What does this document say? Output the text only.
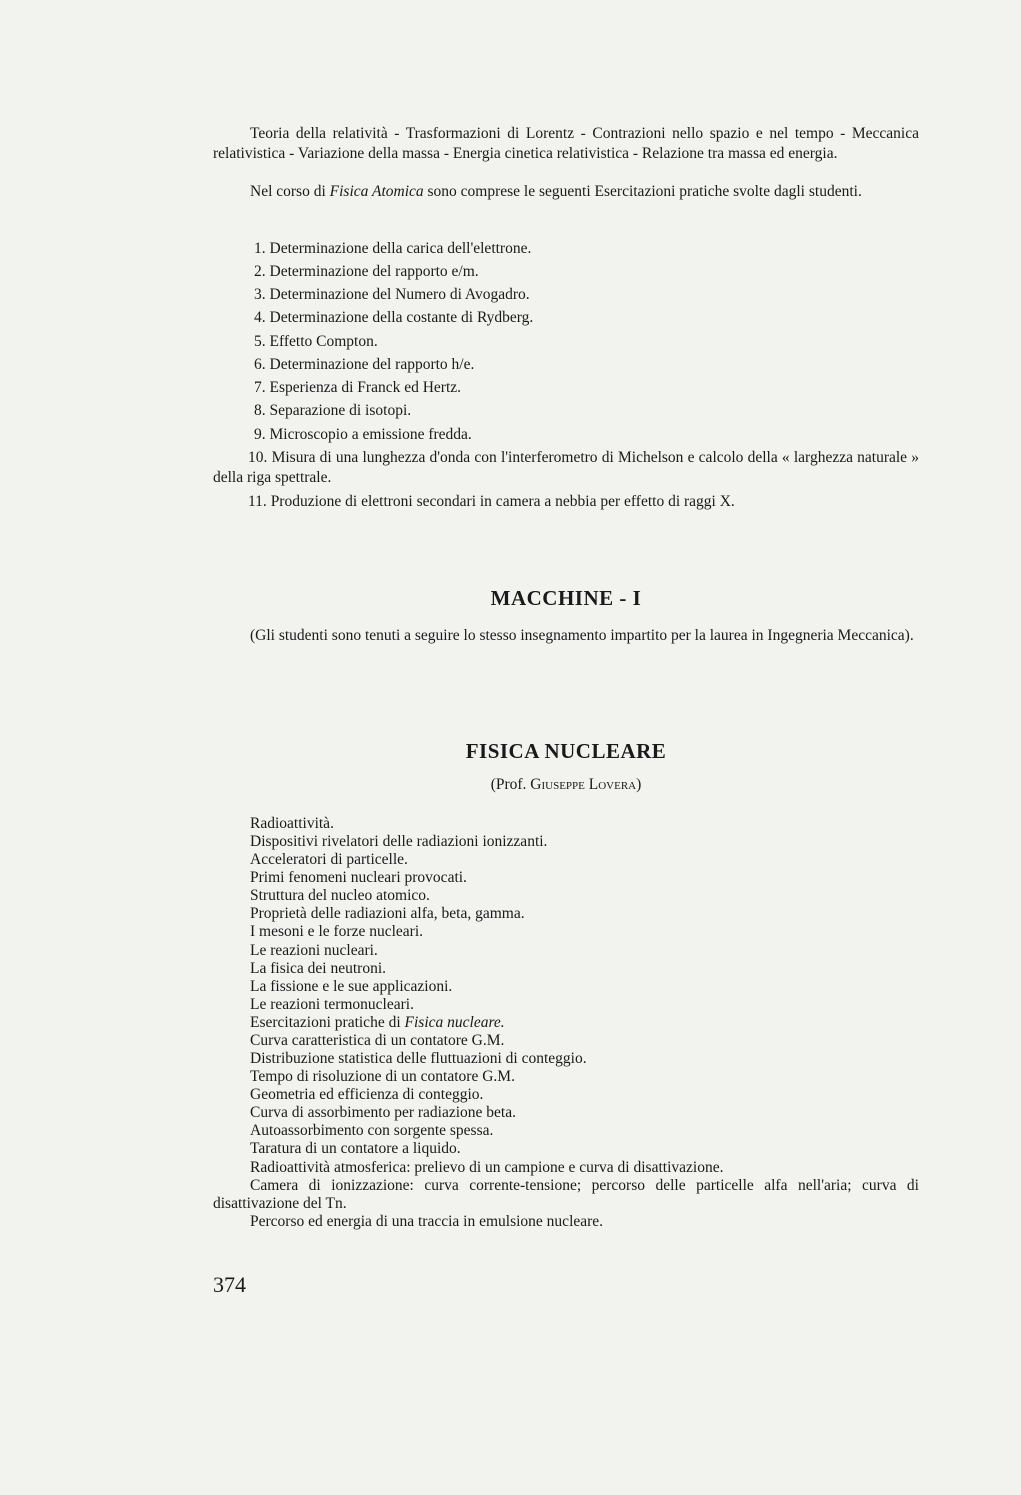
Teoria della relatività - Trasformazioni di Lorentz - Contrazioni nello spazio e nel tempo - Meccanica relativistica - Variazione della massa - Energia cinetica relativistica - Relazione tra massa ed energia.

Nel corso di Fisica Atomica sono comprese le seguenti Esercitazioni pratiche svolte dagli studenti.

1. Determinazione della carica dell'elettrone.

2. Determinazione del rapporto e/m.

3. Determinazione del Numero di Avogadro.

4. Determinazione della costante di Rydberg.

5. Effetto Compton.

6. Determinazione del rapporto h/e.

7. Esperienza di Franck ed Hertz.

8. Separazione di isotopi.

9. Microscopio a emissione fredda.

10. Misura di una lunghezza d'onda con l'interferometro di Michelson e calcolo della « larghezza naturale » della riga spettrale.

11. Produzione di elettroni secondari in camera a nebbia per effetto di raggi X.

MACCHINE - I

(Gli studenti sono tenuti a seguire lo stesso insegnamento impartito per la laurea in Ingegneria Meccanica).

FISICA NUCLEARE

(Prof. Giuseppe Lovera)

Radioattività.

Dispositivi rivelatori delle radiazioni ionizzanti.

Acceleratori di particelle.

Primi fenomeni nucleari provocati.

Struttura del nucleo atomico.

Proprietà delle radiazioni alfa, beta, gamma.

I mesoni e le forze nucleari.

Le reazioni nucleari.

La fisica dei neutroni.

La fissione e le sue applicazioni.

Le reazioni termonucleari.

Esercitazioni pratiche di Fisica nucleare.

Curva caratteristica di un contatore G.M.

Distribuzione statistica delle fluttuazioni di conteggio.

Tempo di risoluzione di un contatore G.M.

Geometria ed efficienza di conteggio.

Curva di assorbimento per radiazione beta.

Autoassorbimento con sorgente spessa.

Taratura di un contatore a liquido.

Radioattività atmosferica: prelievo di un campione e curva di disattivazione.

Camera di ionizzazione: curva corrente-tensione; percorso delle particelle alfa nell'aria; curva di disattivazione del Tn.

Percorso ed energia di una traccia in emulsione nucleare.

374
